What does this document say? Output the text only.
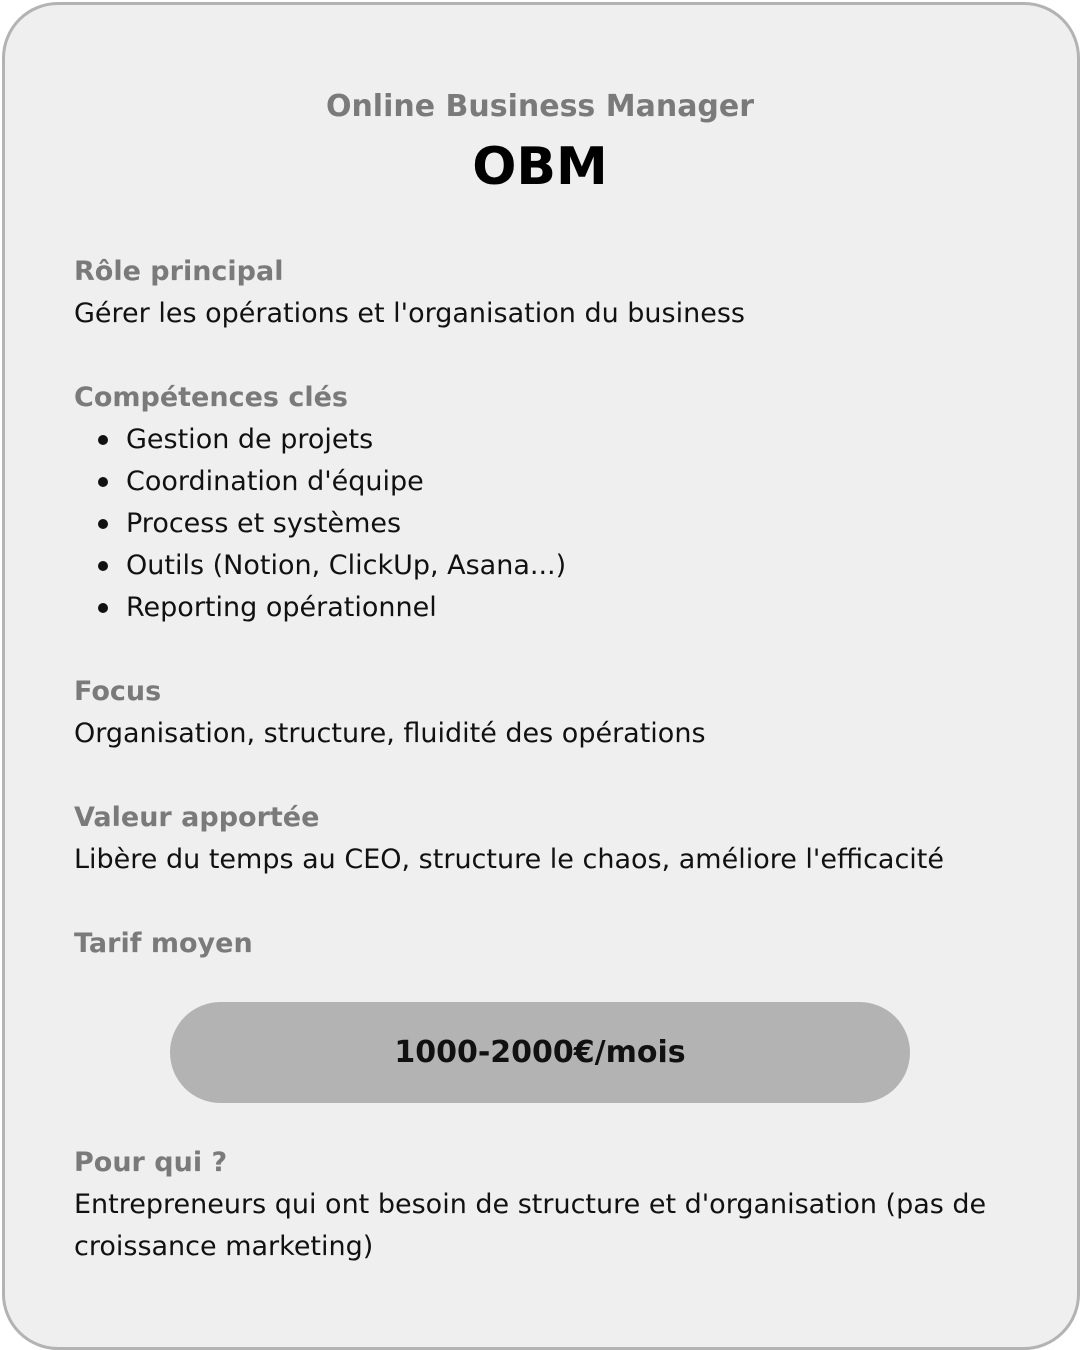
Online Business Manager
OBM
Rôle principal
Gérer les opérations et l'organisation du business
Compétences clés
Gestion de projets
Coordination d'équipe
Process et systèmes
Outils (Notion, ClickUp, Asana...)
Reporting opérationnel
Focus
Organisation, structure, fluidité des opérations
Valeur apportée
Libère du temps au CEO, structure le chaos, améliore l'efficacité
Tarif moyen
1000-2000€/mois
Pour qui ?
Entrepreneurs qui ont besoin de structure et d'organisation (pas de croissance marketing)
